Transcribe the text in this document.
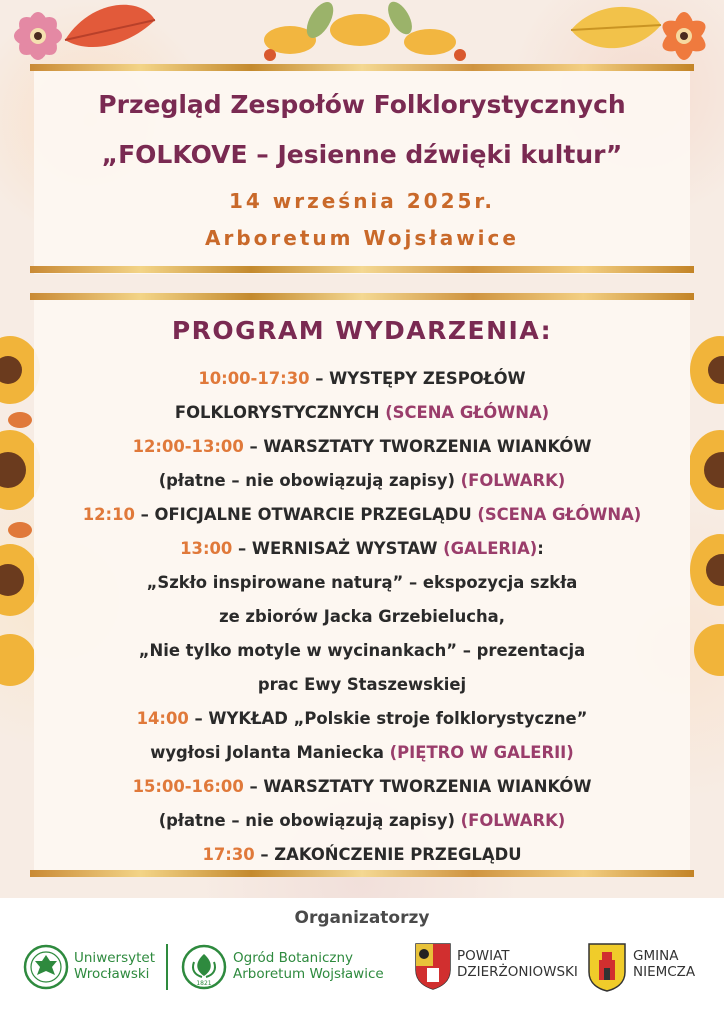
Przegląd Zespołów Folklorystycznych
„FOLKOVE – Jesienne dźwięki kultur”
14 września 2025r.
Arboretum Wojsławice
PROGRAM WYDARZENIA:
10:00-17:30 – WYSTĘPY ZESPOŁÓW
FOLKLORYSTYCZNYCH (SCENA GŁÓWNA)
12:00-13:00 – WARSZTATY TWORZENIA WIANKÓW
(płatne – nie obowiązują zapisy) (FOLWARK)
12:10 – OFICJALNE OTWARCIE PRZEGLĄDU (SCENA GŁÓWNA)
13:00 – WERNISAŻ WYSTAW (GALERIA):
„Szkło inspirowane naturą” – ekspozycja szkła
ze zbiorów Jacka Grzebielucha,
„Nie tylko motyle w wycinankach” – prezentacja
prac Ewy Staszewskiej
14:00 – WYKŁAD „Polskie stroje folklorystyczne”
wygłosi Jolanta Maniecka (PIĘTRO W GALERII)
15:00-16:00 – WARSZTATY TWORZENIA WIANKÓW
(płatne – nie obowiązują zapisy) (FOLWARK)
17:30 – ZAKOŃCZENIE PRZEGLĄDU
Organizatorzy
Uniwersytet
Wrocławski
1821
Ogród Botaniczny
Arboretum Wojsławice
POWIAT
DZIERŻONIOWSKI
GMINA
NIEMCZA
